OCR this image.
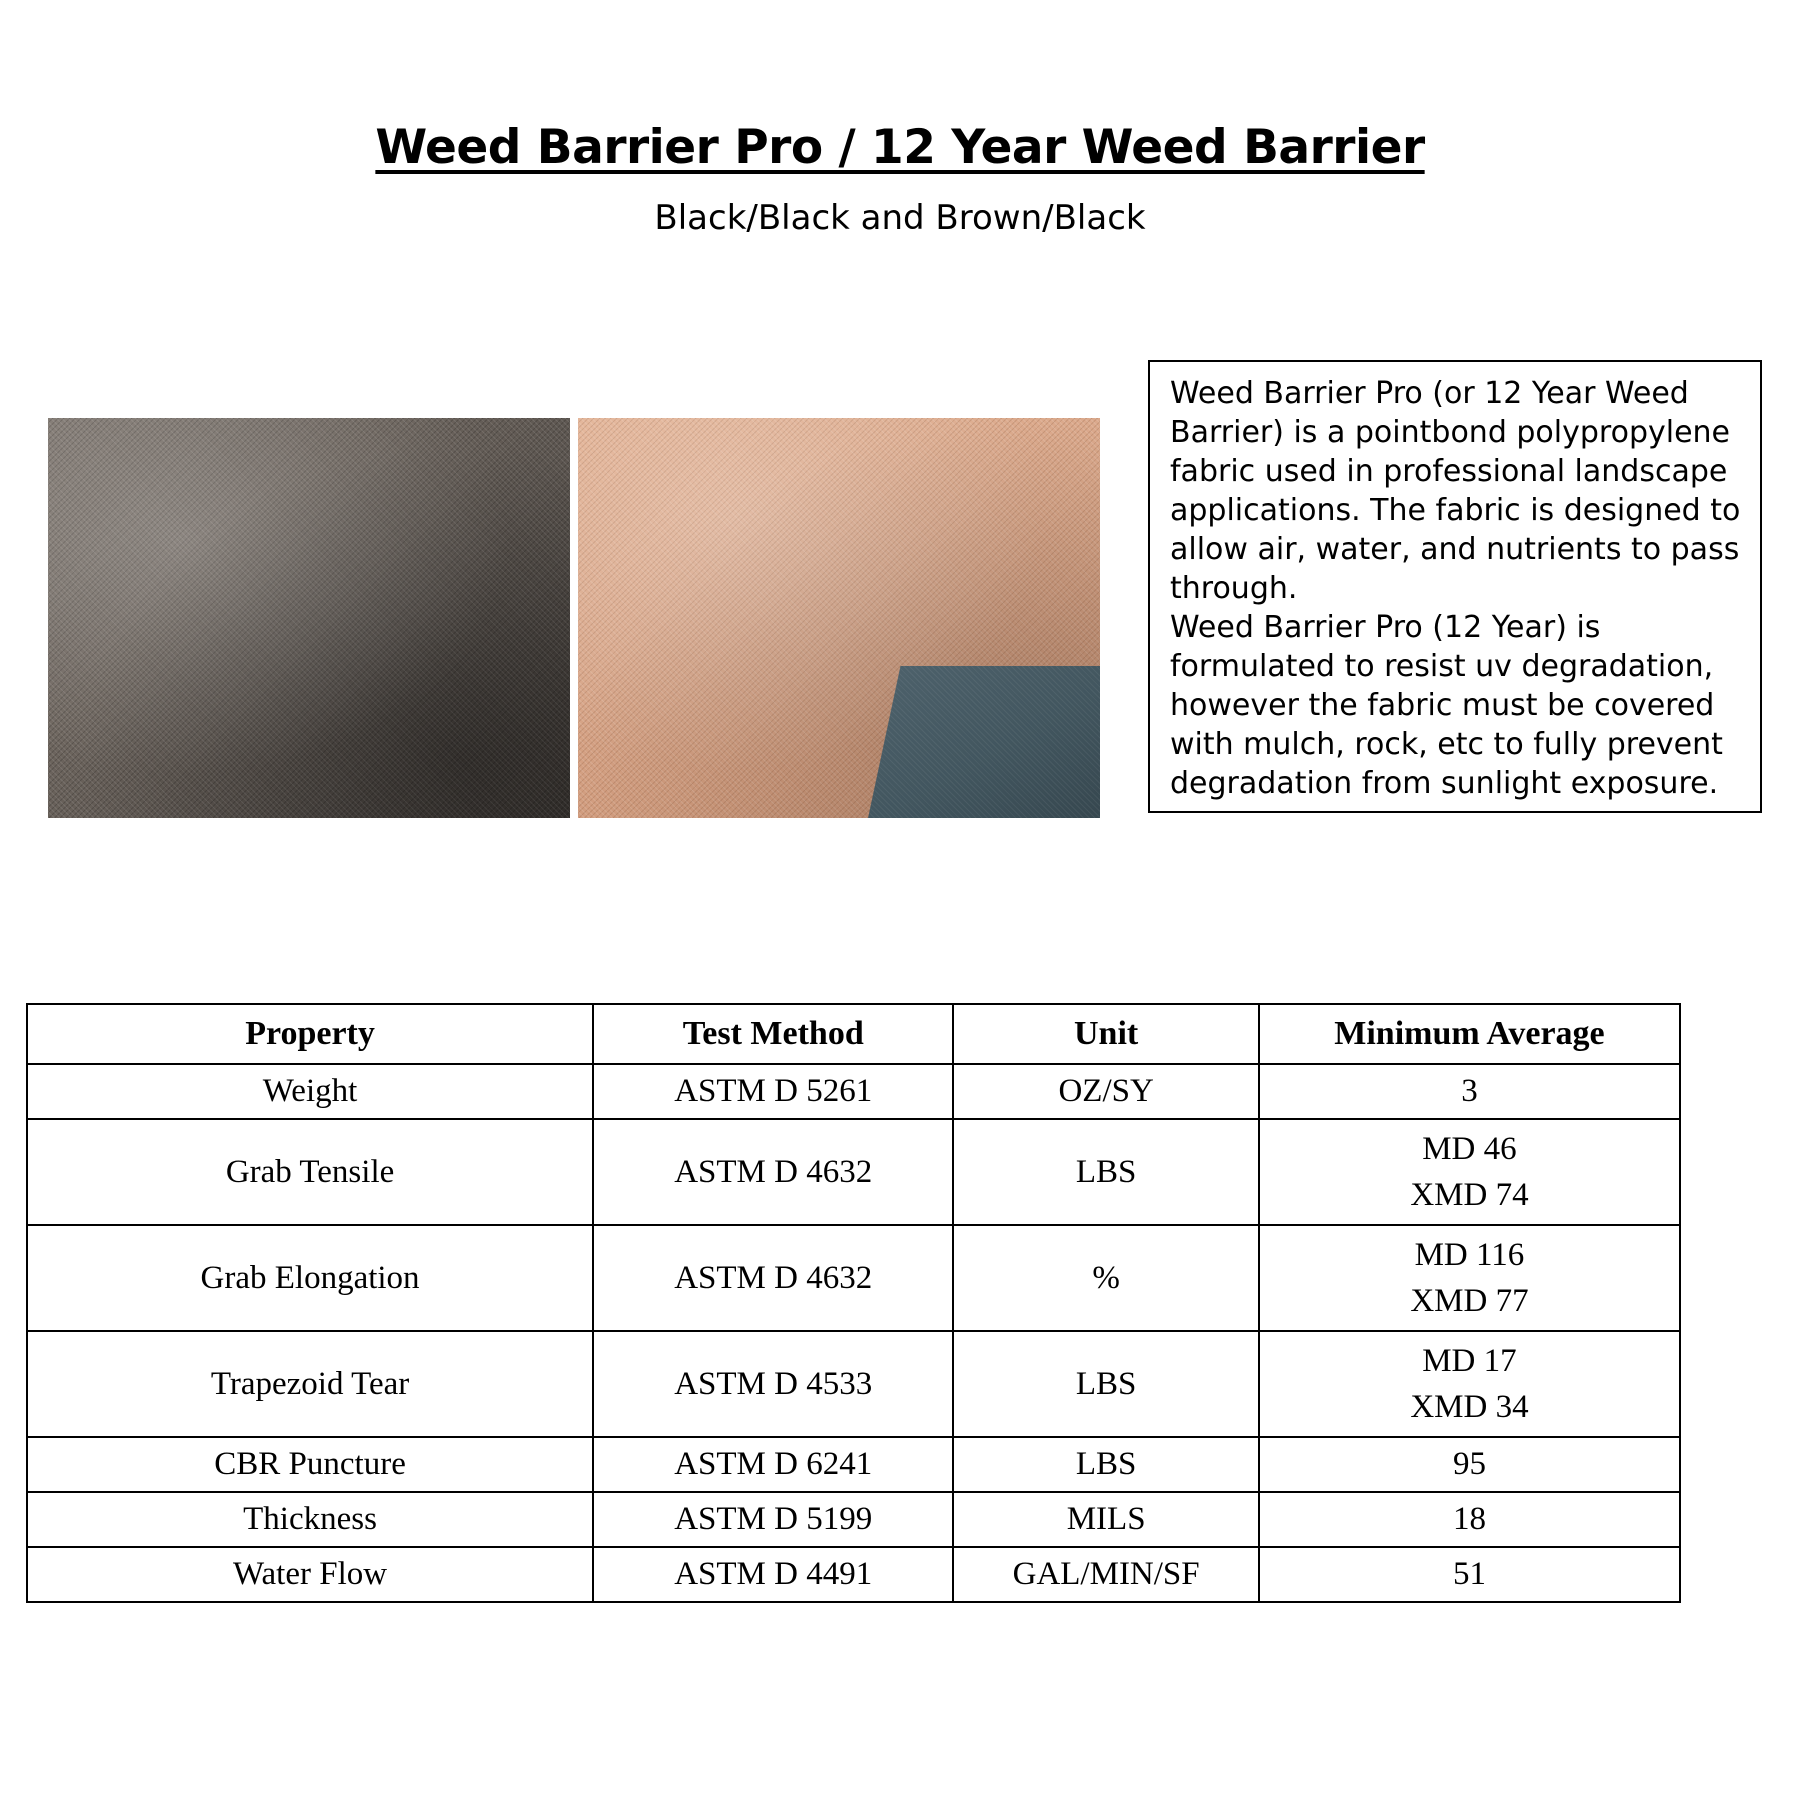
Weed Barrier Pro / 12 Year Weed Barrier
Black/Black and Brown/Black

Weed Barrier Pro (or 12 Year Weed Barrier) is a pointbond polypropylene fabric used in professional landscape applications. The fabric is designed to allow air, water, and nutrients to pass through.

Weed Barrier Pro (12 Year) is formulated to resist uv degradation, however the fabric must be covered with mulch, rock, etc to fully prevent degradation from sunlight exposure.

Property	Test Method	Unit	Minimum Average
Weight	ASTM D 5261	OZ/SY	3

Grab Tensile	ASTM D 4632	LBS	MD 46
XMD 74

Grab Elongation	ASTM D 4632	%	MD 116
XMD 77

Trapezoid Tear	ASTM D 4533	LBS	MD 17
XMD 34

CBR Puncture	ASTM D 6241	LBS	95

Thickness	ASTM D 5199	MILS	18

Water Flow	ASTM D 4491	GAL/MIN/SF	51
